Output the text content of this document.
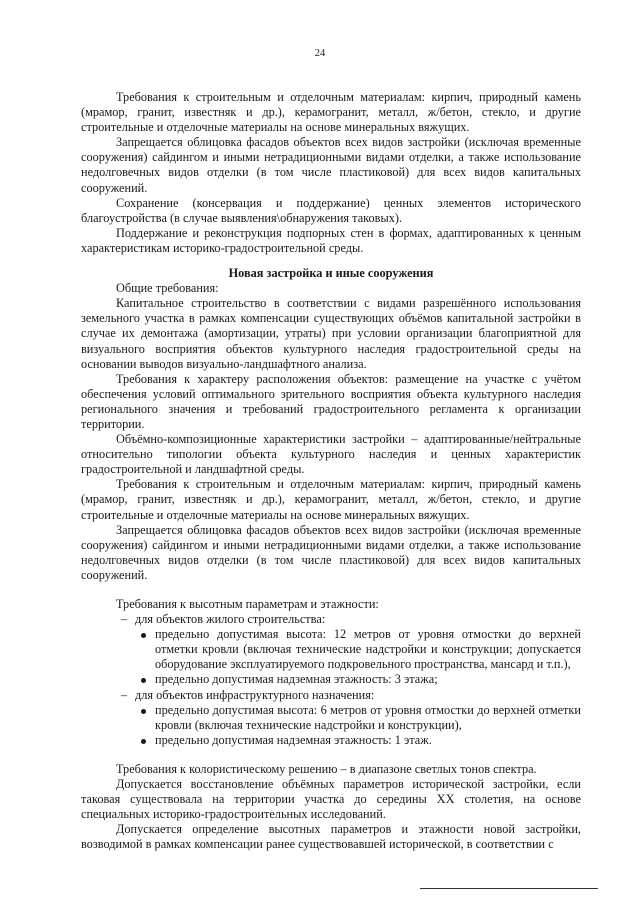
24

Требования к строительным и отделочным материалам: кирпич, природный камень (мрамор, гранит, известняк и др.), керамогранит, металл, ж/бетон, стекло, и другие строительные и отделочные материалы на основе минеральных вяжущих.

Запрещается облицовка фасадов объектов всех видов застройки (исключая временные сооружения) сайдингом и иными нетрадиционными видами отделки, а также использование недолговечных видов отделки (в том числе пластиковой) для всех видов капитальных сооружений.

Сохранение (консервация и поддержание) ценных элементов исторического благоустройства (в случае выявления\обнаружения таковых).

Поддержание и реконструкция подпорных стен в формах, адаптированных к ценным характеристикам историко-градостроительной среды.

Новая застройка и иные сооружения

Общие требования:

Капитальное строительство в соответствии с видами разрешённого использования земельного участка в рамках компенсации существующих объёмов капитальной застройки в случае их демонтажа (амортизации, утраты) при условии организации благоприятной для визуального восприятия объектов культурного наследия градостроительной среды на основании выводов визуально-ландшафтного анализа.

Требования к характеру расположения объектов: размещение на участке с учётом обеспечения условий оптимального зрительного восприятия объекта культурного наследия регионального значения и требований градостроительного регламента к организации территории.

Объёмно-композиционные характеристики застройки – адаптированные/нейтральные относительно типологии объекта культурного наследия и ценных характеристик градостроительной и ландшафтной среды.

Требования к строительным и отделочным материалам: кирпич, природный камень (мрамор, гранит, известняк и др.), керамогранит, металл, ж/бетон, стекло, и другие строительные и отделочные материалы на основе минеральных вяжущих.

Запрещается облицовка фасадов объектов всех видов застройки (исключая временные сооружения) сайдингом и иными нетрадиционными видами отделки, а также использование недолговечных видов отделки (в том числе пластиковой) для всех видов капитальных сооружений.

Требования к высотным параметрам и этажности:

– для объектов жилого строительства:
предельно допустимая высота: 12 метров от уровня отмостки до верхней отметки кровли (включая технические надстройки и конструкции; допускается оборудование эксплуатируемого подкровельного пространства, мансард и т.п.),
предельно допустимая надземная этажность: 3 этажа;
– для объектов инфраструктурного назначения:
предельно допустимая высота: 6 метров от уровня отмостки до верхней отметки кровли (включая технические надстройки и конструкции),
предельно допустимая надземная этажность: 1 этаж.

Требования к колористическому решению – в диапазоне светлых тонов спектра.

Допускается восстановление объёмных параметров исторической застройки, если таковая существовала на территории участка до середины XX столетия, на основе специальных историко-градостроительных исследований.

Допускается определение высотных параметров и этажности новой застройки, возводимой в рамках компенсации ранее существовавшей исторической, в соответствии с
